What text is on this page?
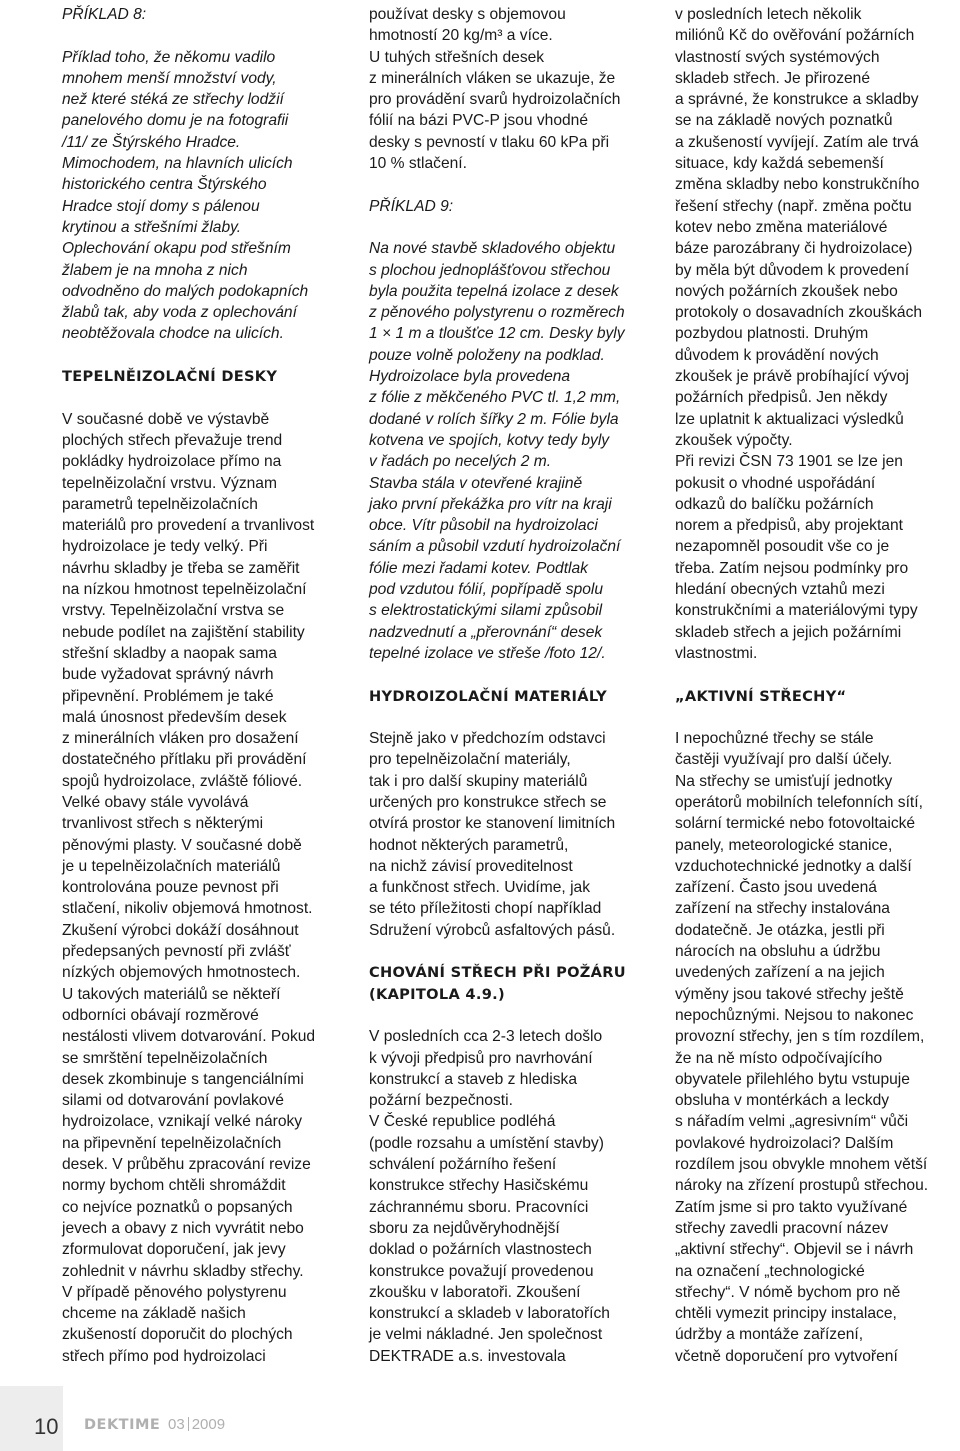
PŘÍKLAD 8:
Příklad toho, že někomu vadilo
mnohem menší množství vody,
než které stéká ze střechy lodžií
panelového domu je na fotografii
/11/ ze Štýrského Hradce.
Mimochodem, na hlavních ulicích
historického centra Štýrského
Hradce stojí domy s pálenou
krytinou a střešními žlaby.
Oplechování okapu pod střešním
žlabem je na mnoha z nich
odvodněno do malých podokapních
žlabů tak, aby voda z oplechování
neobtěžovala chodce na ulicích.
TEPELNĚIZOLAČNÍ DESKY
V současné době ve výstavbě
plochých střech převažuje trend
pokládky hydroizolace přímo na
tepelněizolační vrstvu. Význam
parametrů tepelněizolačních
materiálů pro provedení a trvanlivost
hydroizolace je tedy velký. Při
návrhu skladby je třeba se zaměřit
na nízkou hmotnost tepelněizolační
vrstvy. Tepelněizolační vrstva se
nebude podílet na zajištění stability
střešní skladby a naopak sama
bude vyžadovat správný návrh
připevnění. Problémem je také
malá únosnost především desek
z minerálních vláken pro dosažení
dostatečného přítlaku při provádění
spojů hydroizolace, zvláště fóliové.
Velké obavy stále vyvolává
trvanlivost střech s některými
pěnovými plasty. V současné době
je u tepelněizolačních materiálů
kontrolována pouze pevnost při
stlačení, nikoliv objemová hmotnost.
Zkušení výrobci dokáží dosáhnout
předepsaných pevností při zvlášť
nízkých objemových hmotnostech.
U takových materiálů se někteří
odborníci obávají rozměrové
nestálosti vlivem dotvarování. Pokud
se smrštění tepelněizolačních
desek zkombinuje s tangenciálními
silami od dotvarování povlakové
hydroizolace, vznikají velké nároky
na připevnění tepelněizolačních
desek. V průběhu zpracování revize
normy bychom chtěli shromáždit
co nejvíce poznatků o popsaných
jevech a obavy z nich vyvrátit nebo
zformulovat doporučení, jak jevy
zohlednit v návrhu skladby střechy.
V případě pěnového polystyrenu
chceme na základě našich
zkušeností doporučit do plochých
střech přímo pod hydroizolaci
používat desky s objemovou
hmotností 20 kg/m³ a více.
U tuhých střešních desek
z minerálních vláken se ukazuje, že
pro provádění svarů hydroizolačních
fólií na bázi PVC-P jsou vhodné
desky s pevností v tlaku 60 kPa při
10 % stlačení.
PŘÍKLAD 9:
Na nové stavbě skladového objektu
s plochou jednoplášťovou střechou
byla použita tepelná izolace z desek
z pěnového polystyrenu o rozměrech
1 × 1 m a tloušťce 12 cm. Desky byly
pouze volně položeny na podklad.
Hydroizolace byla provedena
z fólie z měkčeného PVC tl. 1,2 mm,
dodané v rolích šířky 2 m. Fólie byla
kotvena ve spojích, kotvy tedy byly
v řadách po necelých 2 m.
Stavba stála v otevřené krajině
jako první překážka pro vítr na kraji
obce. Vítr působil na hydroizolaci
sáním a působil vzdutí hydroizolační
fólie mezi řadami kotev. Podtlak
pod vzdutou fólií, popřípadě spolu
s elektrostatickými silami způsobil
nadzvednutí a „přerovnání“ desek
tepelné izolace ve střeše /foto 12/.
HYDROIZOLAČNÍ MATERIÁLY
Stejně jako v předchozím odstavci
pro tepelněizolační materiály,
tak i pro další skupiny materiálů
určených pro konstrukce střech se
otvírá prostor ke stanovení limitních
hodnot některých parametrů,
na nichž závisí proveditelnost
a funkčnost střech. Uvidíme, jak
se této příležitosti chopí například
Sdružení výrobců asfaltových pásů.
CHOVÁNÍ STŘECH PŘI POŽÁRU
(KAPITOLA 4.9.)
V posledních cca 2-3 letech došlo
k vývoji předpisů pro navrhování
konstrukcí a staveb z hlediska
požární bezpečnosti.
V České republice podléhá
(podle rozsahu a umístění stavby)
schválení požárního řešení
konstrukce střechy Hasičskému
záchrannému sboru. Pracovníci
sboru za nejdůvěryhodnější
doklad o požárních vlastnostech
konstrukce považují provedenou
zkoušku v laboratoři. Zkoušení
konstrukcí a skladeb v laboratořích
je velmi nákladné. Jen společnost
DEKTRADE a.s. investovala
v posledních letech několik
miliónů Kč do ověřování požárních
vlastností svých systémových
skladeb střech. Je přirozené
a správné, že konstrukce a skladby
se na základě nových poznatků
a zkušeností vyvíjejí. Zatím ale trvá
situace, kdy každá sebemenší
změna skladby nebo konstrukčního
řešení střechy (např. změna počtu
kotev nebo změna materiálové
báze parozábrany či hydroizolace)
by měla být důvodem k provedení
nových požárních zkoušek nebo
protokoly o dosavadních zkouškách
pozbydou platnosti. Druhým
důvodem k provádění nových
zkoušek je právě probíhající vývoj
požárních předpisů. Jen někdy
lze uplatnit k aktualizaci výsledků
zkoušek výpočty.
Při revizi ČSN 73 1901 se lze jen
pokusit o vhodné uspořádání
odkazů do balíčku požárních
norem a předpisů, aby projektant
nezapomněl posoudit vše co je
třeba. Zatím nejsou podmínky pro
hledání obecných vztahů mezi
konstrukčními a materiálovými typy
skladeb střech a jejich požárními
vlastnostmi.
„AKTIVNÍ STŘECHY“
I nepochůzné třechy se stále
častěji využívají pro další účely.
Na střechy se umisťují jednotky
operátorů mobilních telefonních sítí,
solární termické nebo fotovoltaické
panely, meteorologické stanice,
vzduchotechnické jednotky a další
zařízení. Často jsou uvedená
zařízení na střechy instalována
dodatečně. Je otázka, jestli při
nárocích na obsluhu a údržbu
uvedených zařízení a na jejich
výměny jsou takové střechy ještě
nepochůznými. Nejsou to nakonec
provozní střechy, jen s tím rozdílem,
že na ně místo odpočívajícího
obyvatele přilehlého bytu vstupuje
obsluha v montérkách a leckdy
s nářadím velmi „agresivním“ vůči
povlakové hydroizolaci? Dalším
rozdílem jsou obvykle mnohem větší
nároky na zřízení prostupů střechou.
Zatím jsme si pro takto využívané
střechy zavedli pracovní název
„aktivní střechy“. Objevil se i návrh
na označení „technologické
střechy“. V nómě bychom pro ně
chtěli vymezit principy instalace,
údržby a montáže zařízení,
včetně doporučení pro vytvoření
10 DEKTIME 03 2009
